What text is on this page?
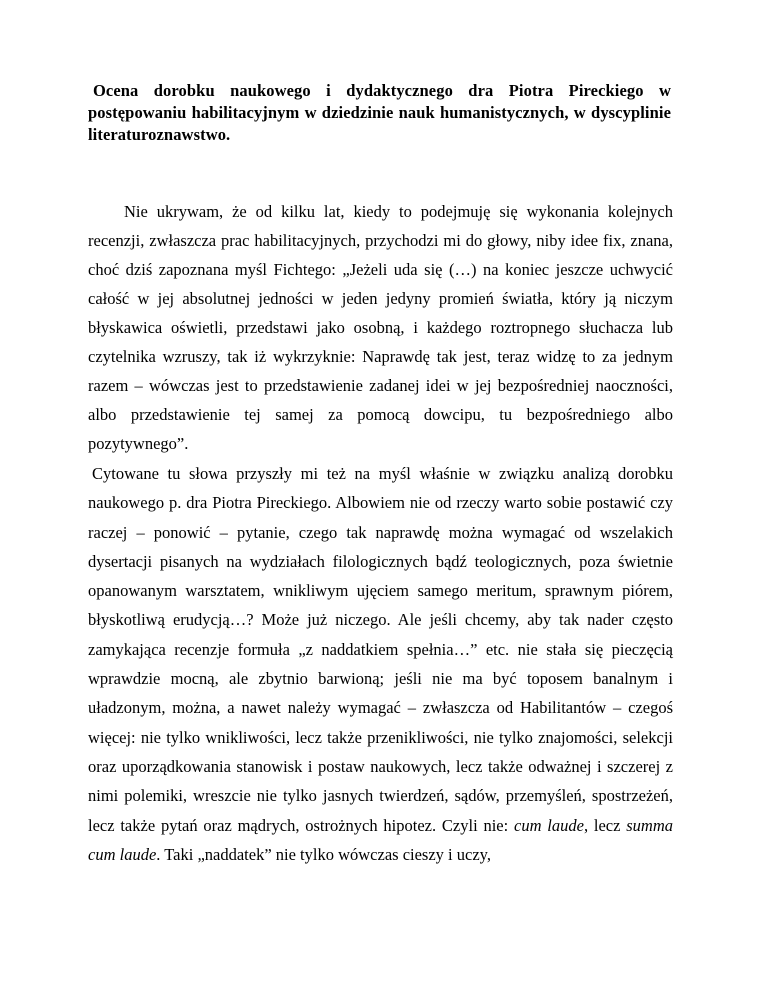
Ocena dorobku naukowego i dydaktycznego dra Piotra Pireckiego w postępowaniu habilitacyjnym w dziedzinie nauk humanistycznych, w dyscyplinie literaturoznawstwo.

Nie ukrywam, że od kilku lat, kiedy to podejmuję się wykonania kolejnych recenzji, zwłaszcza prac habilitacyjnych, przychodzi mi do głowy, niby idee fix, znana, choć dziś zapoznana myśl Fichtego: „Jeżeli uda się (…) na koniec jeszcze uchwycić całość w jej absolutnej jedności w jeden jedyny promień światła, który ją niczym błyskawica oświetli, przedstawi jako osobną, i każdego roztropnego słuchacza lub czytelnika wzruszy, tak iż wykrzyknie: Naprawdę tak jest, teraz widzę to za jednym razem – wówczas jest to przedstawienie zadanej idei w jej bezpośredniej naoczności, albo przedstawienie tej samej za pomocą dowcipu, tu bezpośredniego albo pozytywnego”.

Cytowane tu słowa przyszły mi też na myśl właśnie w związku analizą dorobku naukowego p. dra Piotra Pireckiego. Albowiem nie od rzeczy warto sobie postawić czy raczej – ponowić – pytanie, czego tak naprawdę można wymagać od wszelakich dysertacji pisanych na wydziałach filologicznych bądź teologicznych, poza świetnie opanowanym warsztatem, wnikliwym ujęciem samego meritum, sprawnym piórem, błyskotliwą erudycją…? Może już niczego. Ale jeśli chcemy, aby tak nader często zamykająca recenzje formuła „z naddatkiem spełnia…” etc. nie stała się pieczęcią wprawdzie mocną, ale zbytnio barwioną; jeśli nie ma być toposem banalnym i uładzonym, można, a nawet należy wymagać – zwłaszcza od Habilitantów – czegoś więcej: nie tylko wnikliwości, lecz także przenikliwości, nie tylko znajomości, selekcji oraz uporządkowania stanowisk i postaw naukowych, lecz także odważnej i szczerej z nimi polemiki, wreszcie nie tylko jasnych twierdzeń, sądów, przemyśleń, spostrzeżeń, lecz także pytań oraz mądrych, ostrożnych hipotez. Czyli nie: cum laude, lecz summa cum laude. Taki „naddatek” nie tylko wówczas cieszy i uczy,
